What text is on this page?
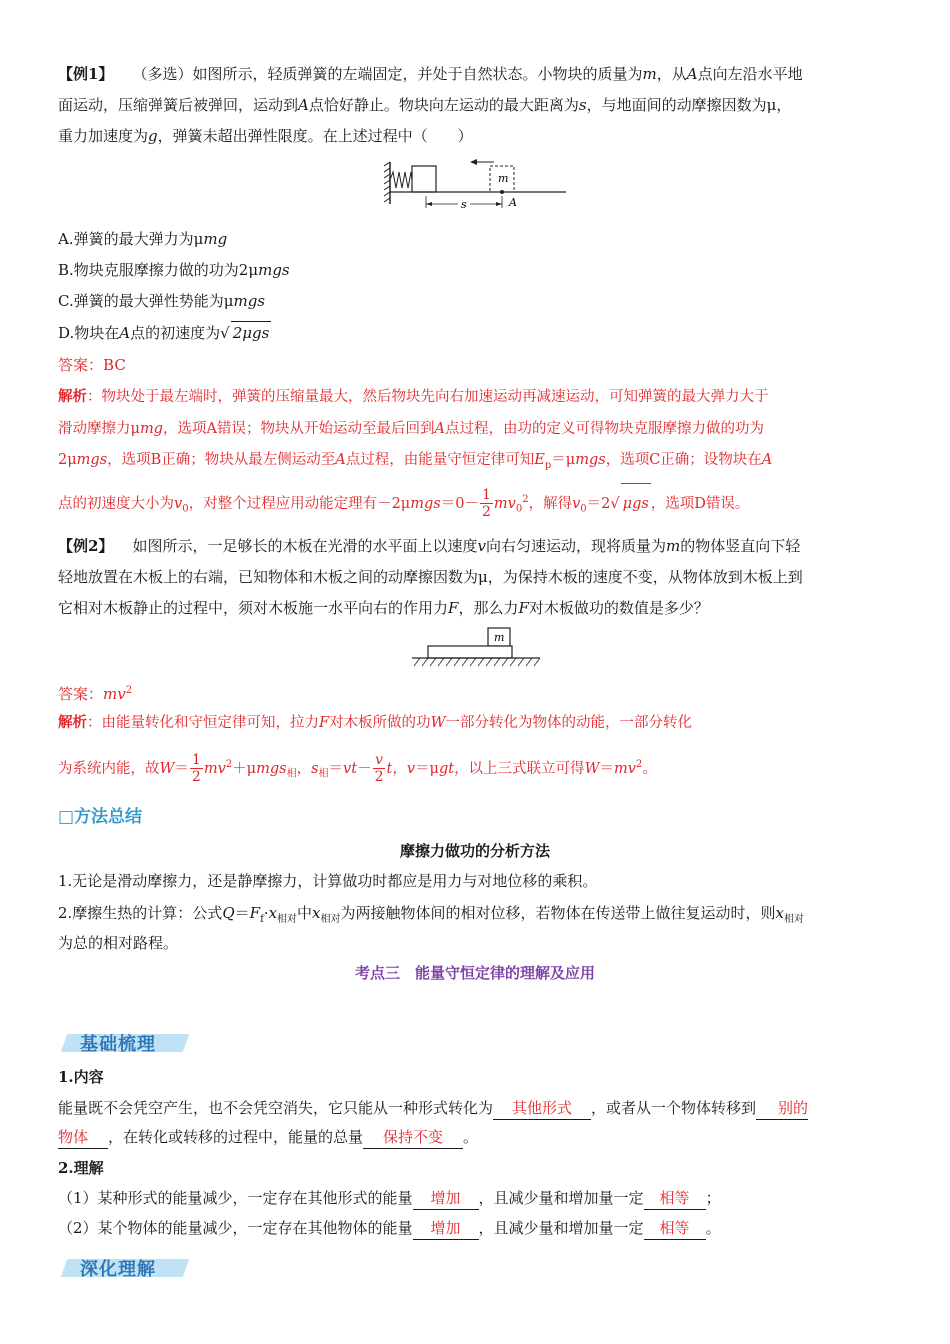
【例1】 （多选）如图所示，轻质弹簧的左端固定，并处于自然状态。小物块的质量为m，从A点向左沿水平地
面运动，压缩弹簧后被弹回，运动到A点恰好静止。物块向左运动的最大距离为s，与地面间的动摩擦因数为μ，
重力加速度为g，弹簧未超出弹性限度。在上述过程中（　　）
m
s	A
A.弹簧的最大弹力为μmg
B.物块克服摩擦力做的功为2μmgs
C.弹簧的最大弹性势能为μmgs
D.物块在A点的初速度为√ 2μgs
答案：BC
解析：物块处于最左端时，弹簧的压缩量最大，然后物块先向右加速运动再减速运动，可知弹簧的最大弹力大于
滑动摩擦力μmg，选项A错误；物块从开始运动至最后回到A点过程，由功的定义可得物块克服摩擦力做的功为
2μmgs，选项B正确；物块从最左侧运动至A点过程，由能量守恒定律可知$E_p=\mu mgs$，选项C正确；设物块在A
点的初速度大小为$v_0$，对整个过程应用动能定理有$-2\mu mgs=0- \frac{1}{2} mv_0^2$，解得$v_0=2√$ μgs ，选项D错误。
【例2】 如图所示，一足够长的木板在光滑的水平面上以速度v向右匀速运动，现将质量为m的物体竖直向下轻
轻地放置在木板上的右端，已知物体和木板之间的动摩擦因数为μ，为保持木板的速度不变，从物体放到木板上到
它相对木板静止的过程中，须对木板施一水平向右的作用力F，那么力F对木板做功的数值是多少？
m
答案：$mv^2$
解析：由能量转化和守恒定律可知，拉力F对木板所做的功W一部分转化为物体的动能，一部分转化
为系统内能，故$W= \frac{1}{2} mv^2+\mu mgs_相$，$s_相=vt- \frac{v}{2}$ t，v＝μgt，以上三式联立可得$W=mv^2$。
□方法总结
摩擦力做功的分析方法
1.无论是滑动摩擦力，还是静摩擦力，计算做功时都应是用力与对地位移的乘积。
2.摩擦生热的计算：公式$Q=F_f\cdot x_{相对}$中$x_{相对}$为两接触物体间的相对位移，若物体在传送带上做往复运动时，则$x_{相对}$
为总的相对路程。
考点三　能量守恒定律的理解及应用
基础梳理
1.内容
能量既不会凭空产生，也不会凭空消失，它只能从一种形式转化为 其他形式 ，或者从一个物体转移到 别的
物体 ，在转化或转移的过程中，能量的总量 保持不变 。
2.理解
（1）某种形式的能量减少，一定存在其他形式的能量 增加 ，且减少量和增加量一定 相等 ；
（2）某个物体的能量减少，一定存在其他物体的能量 增加 ，且减少量和增加量一定 相等 。
深化理解
